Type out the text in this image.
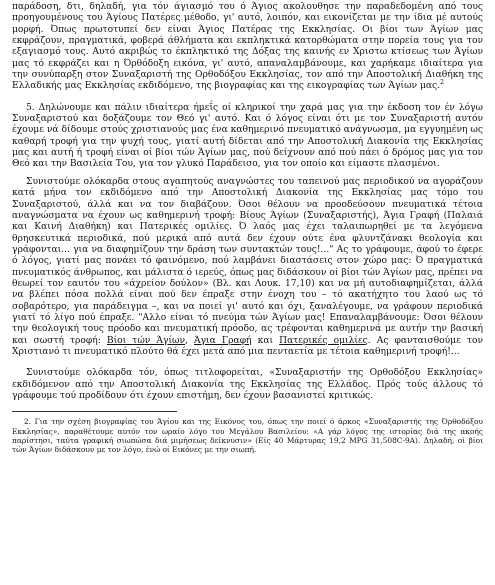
παράδοση, δτι, δηλαδή, για τόν άγιασμό του ό Άγιος ακολουθησε την παραδεδομένη από τους προηγουμένους του Άγίους Πατέρες μέθοδο, γι' αυτό, λοιπόν, και εικονίζεται με την ίδια μέ αυτούς μορφή. Όπως πρωτοτυπεί δεν είναι Άγιος Πατέρας της Εκκλησίας. Οι βίοι των Άγίων μας εκφράζουν, πραγματικά, φοβερά άθλήματα και εκπληκτικά κατορθώματα στην πορεία τους για τον εξαγιασμό τους. Αυτό ακριβώς το έκπληκτικό της Δόξας της καινής εν Χριστω κτίσεως των Άγίων μας τό εκφράζει και η Όρθόδοξη εικόνα, γι' αυτό, απαναλαμβάνουμε, και χαρήκαμε ιδιαίτερα για την συνύπαρξη στον Συναξαριστή της Ορθοδόξου Εκκλησίας, τον από την Αποστολική Διαθήκη της Ελλαδικής μας Εκκλησίας εκδιδόμενο, της βιογραφίας και της εικογραφίας των Άγίων μας.$^2$

5. Δηλώνουμε και πάλιν ιδιαίτερα ήμεΐς οί κληρικοί την χαρά μας για την έκδοση τον έν λόγω Συναξαριστού και δοξάζουμε τον Θεό γι' αυτό. Και ό λόγος είναι ότι με τον Συναξαριστή αυτόν έχουμε νά δίδουμε στούς χριστιανούς μας ένα καθημερινό πνευματικό ανάγνωσμα, μα εγγυημένη ως καθαρή τροφή για την ψυχή τους, γιατί αυτή δίδεται από την Αποστολική Διακονία της Εκκλησίας μας και αυτή ή τροφή είναι οί βίοι τών Άγίων μας, πού δείχνουν από πού πάει ό δρόμος μας για τον Θεό και την Βασιλεία Του, για τον γλυκό Παράδεισο, για τον οποίο και είμαστε πλασμένοι.

Συνιστούμε ολόκαρδα στους αγαπητούς αναγνώστες του ταπεινού μας περιοδικού να αγοράζουν κατά μήνα τον εκδιδόμενο από την Αποστολική Διακονία της Εκκλησίας μας τόμο του Συναξαριστού, άλλά και να τον διαβάζουν. Όσοι θέλουν να προοδεύσουν πνευματικά τέτοια αναγνώσματα να έχουν ως καθημερινή τροφή: Βίους Άγίων (Συναξαριστής), Άγια Γραφή (Παλαιά και Καινή Διαθήκη) και Πατερικές ομιλίες. Ό λαός μας έχει ταλαιπωρηθεί με τα λεγόμενα θρησκευτικά περιοδικά, πού μερικά από αυτά δεν έχουν ούτε ένα φλυντζάνακι θεολογία και γράφονται... για να διαφημίζουν την δράση των συντακτών τους!..." Ας το γράφουμε, άφού το έφερε ό λόγος, γιατί μας πονάει τό φαινόμενο, πού λαμβάνει διαστάσεις στον χώρο μας: Ό πραγματικά πνευματικός άνθρωπος, και μάλιστα ό ιερεύς, όπως μας διδάσκουν οί βίοι τών Άγίων μας, πρέπει να θεωρεί τον εαυτόν του «άχρείον δούλον» (Βλ. και Λουκ. 17,10) και να μή αυτοδιαφημίζεται, άλλά να βλέπει πόσα πολλά είναι πού δεν έπραξε στην ένοχη του – τό ακατήχητο του λαού ως τό σοβαρότερο, για παράδειγμα –, και να ποιεί γι' αυτό και όχι, ξαναλέγουμε, να γράφουν περιοδικά γιατί τό λίγο πού έπραξε. "Αλλο είναι τό πνεύμα τών Άγίων μας! Επαναλαμβάνουμε: Όσοι θέλουν την θεολογική τους πρόοδο και πνευματική πρόοδο, ας τρέφονται καθημερινά με αυτήν την βασική και σωστή τροφή: Βίοι τών Άγίων, Άγια Γραφή και Πατερικές ομιλίες. Ας φανταισθούμε τον Χριστιανό τι πνευματικό πλούτο θά έχει μετά από μια πενταετία με τέτοια καθημερινή τροφή!...

Συνιστούμε ολόκαρδα τόν, όπως τιτλοφορείται, «Συναξαριστήν της Ορθοδόξου Εκκλησίας» εκδιδόμενον από την Αποστολική Διακονία της Εκκλησίας της Ελλάδος. Πρός τούς άλλους τό γράφουμε τού προδίδουν ότι έχουν επιστήμη, δεν έχουν βασανιστεί κριτικώς.

2. Για την σχέση βιογραφίας του Άγίου και της Εικόνος του, όπως την ποιεί ό άρκος «Συναξαριστής της Όρθοδόξου Εκκλησίας», παραθέτουμε αυτόν τον ωραίο λόγο του Μεγάλου Βασιλείου: «Α γάρ λόγος της ιστορίας διά της ακοής παρίστησι, ταύτα γραφική σιωπώσα διά μιμήσεως δείκνυσιν» (Είς 40 Μάρτυρας 19,2 MPG 31,508C-9A). Δηλαδή, οί βίοι τών Άγίων διδάσκουν με τον λόγο, ένώ οί Εικόνες με την σιωπή.
